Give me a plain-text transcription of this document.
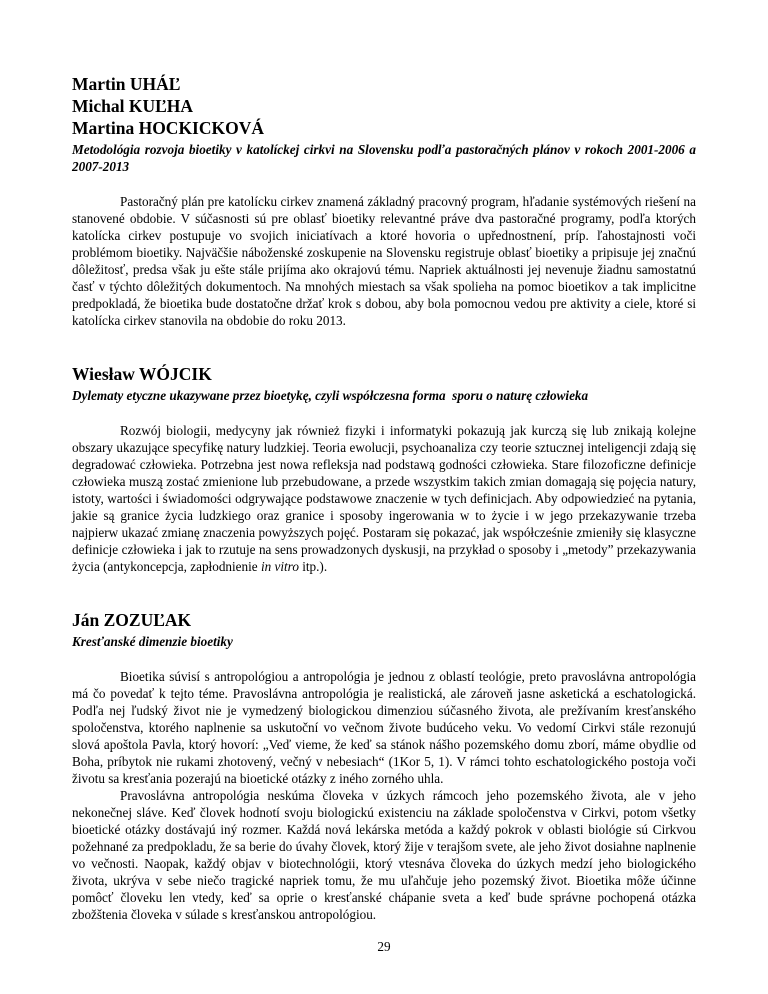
Martin UHÁĽ

Michal KUĽHA

Martina HOCKICKOVÁ

Metodológia rozvoja bioetiky v katolíckej cirkvi na Slovensku podľa pastoračných plánov v rokoch 2001-2006 a 2007-2013

Pastoračný plán pre katolícku cirkev znamená základný pracovný program, hľadanie systémových riešení na stanovené obdobie. V súčasnosti sú pre oblasť bioetiky relevantné práve dva pastoračné programy, podľa ktorých katolícka cirkev postupuje vo svojich iniciatívach a ktoré hovoria o upřednostnení, príp. ľahostajnosti voči problémom bioetiky. Najväčšie náboženské zoskupenie na Slovensku registruje oblasť bioetiky a pripisuje jej značnú dôležitosť, predsa však ju ešte stále prijíma ako okrajovú tému. Napriek aktuálnosti jej nevenuje žiadnu samostatnú časť v týchto dôležitých dokumentoch. Na mnohých miestach sa však spolieha na pomoc bioetikov a tak implicitne predpokladá, že bioetika bude dostatočne držať krok s dobou, aby bola pomocnou vedou pre aktivity a ciele, ktoré si katolícka cirkev stanovila na obdobie do roku 2013.

Wiesław WÓJCIK

Dylematy etyczne ukazywane przez bioetykę, czyli współczesna forma  sporu o naturę człowieka

Rozwój biologii, medycyny jak również fizyki i informatyki pokazują jak kurczą się lub znikają kolejne obszary ukazujące specyfikę natury ludzkiej. Teoria ewolucji, psychoanaliza czy teorie sztucznej inteligencji zdają się degradować człowieka. Potrzebna jest nowa refleksja nad podstawą godności człowieka. Stare filozoficzne definicje człowieka muszą zostać zmienione lub przebudowane, a przede wszystkim takich zmian domagają się pojęcia natury, istoty, wartości i świadomości odgrywające podstawowe znaczenie w tych definicjach. Aby odpowiedzieć na pytania, jakie są granice życia ludzkiego oraz granice i sposoby ingerowania w to życie i w jego przekazywanie trzeba najpierw ukazać zmianę znaczenia powyższych pojęć. Postaram się pokazać, jak współcześnie zmieniły się klasyczne definicje człowieka i jak to rzutuje na sens prowadzonych dyskusji, na przykład o sposoby i „metody” przekazywania życia (antykoncepcja, zapłodnienie in vitro itp.).

Ján ZOZUĽAK

Kresťanské dimenzie bioetiky

Bioetika súvisí s antropológiou a antropológia je jednou z oblastí teológie, preto pravoslávna antropológia má čo povedať k tejto téme. Pravoslávna antropológia je realistická, ale zároveň jasne asketická a eschatologická. Podľa nej ľudský život nie je vymedzený biologickou dimenziou súčasného života, ale prežívaním kresťanského spoločenstva, ktorého naplnenie sa uskutoční vo večnom živote budúceho veku. Vo vedomí Cirkvi stále rezonujú slová apoštola Pavla, ktorý hovorí: „Veď vieme, že keď sa stánok nášho pozemského domu zborí, máme obydlie od Boha, príbytok nie rukami zhotovený, večný v nebesiach“ (1Kor 5, 1). V rámci tohto eschatologického postoja voči životu sa kresťania pozerajú na bioetické otázky z iného zorného uhla.

Pravoslávna antropológia neskúma človeka v úzkych rámcoch jeho pozemského života, ale v jeho nekonečnej sláve. Keď človek hodnotí svoju biologickú existenciu na základe spoločenstva v Cirkvi, potom všetky bioetické otázky dostávajú iný rozmer. Každá nová lekárska metóda a každý pokrok v oblasti biológie sú Cirkvou požehnané za predpokladu, že sa berie do úvahy človek, ktorý žije v terajšom svete, ale jeho život dosiahne naplnenie vo večnosti. Naopak, každý objav v biotechnológii, ktorý vtesnáva človeka do úzkych medzí jeho biologického života, ukrýva v sebe niečo tragické napriek tomu, že mu uľahčuje jeho pozemský život. Bioetika môže účinne pomôcť človeku len vtedy, keď sa oprie o kresťanské chápanie sveta a keď bude správne pochopená otázka zbožštenia človeka v súlade s kresťanskou antropológiou.

29
